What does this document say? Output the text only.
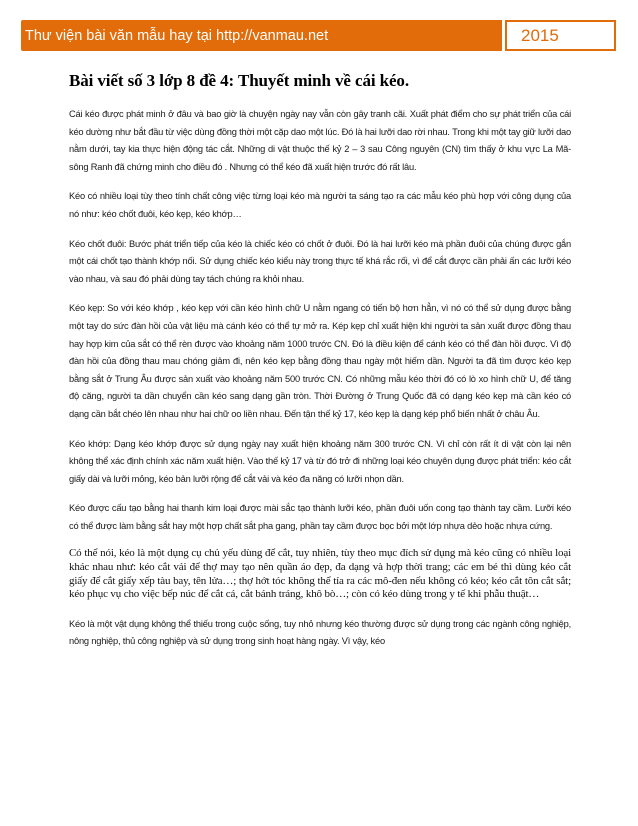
Thư viện bài văn mẫu hay tại http://vanmau.net	2015
Bài viết số 3 lớp 8 đề 4: Thuyết minh về cái kéo.

Cái kéo được phát minh ở đâu và bao giờ là chuyện ngày nay vẫn còn gây tranh cãi. Xuất phát điểm cho sự phát triển của cái kéo dường như bắt đầu từ việc dùng đồng thời một cặp dao một lúc. Đó là hai lưỡi dao rời nhau. Trong khi một tay giữ lưỡi dao nằm dưới, tay kia thực hiện động tác cắt. Những di vật thuộc thế kỷ 2 – 3 sau Công nguyên (CN) tìm thấy ở khu vực La Mã- sông Ranh đã chứng minh cho điều đó . Nhưng có thể kéo đã xuất hiện trước đó rất lâu.

Kéo có nhiều loại tùy theo tính chất công việc từng loại kéo mà người ta sáng tạo ra các mẫu kéo phù hợp với công dụng của nó như: kéo chốt đuôi, kéo kẹp, kéo khớp…

Kéo chốt đuôi: Bước phát triển tiếp của kéo là chiếc kéo có chốt ở đuôi. Đó là hai lưỡi kéo mà phần đuôi của chúng được gắn một cái chốt tạo thành khớp nối. Sử dụng chiếc kéo kiểu này trong thực tế khá rắc rối, vì để cắt được cần phải ấn các lưỡi kéo vào nhau, và sau đó phải dùng tay tách chúng ra khỏi nhau.

Kéo kẹp: So với kéo khớp , kéo kẹp với cần kéo hình chữ U nằm ngang có tiến bộ hơn hẳn, vì nó có thể sử dụng được bằng một tay do sức đàn hồi của vật liệu mà cánh kéo có thể tự mở ra. Kép kẹp chỉ xuất hiện khi người ta sản xuất được đồng thau hay hợp kim của sắt có thể rèn được vào khoảng năm 1000 trước CN. Đó là điều kiện để cánh kéo có thể đàn hồi được. Vì độ đàn hồi của đồng thau mau chóng giảm đi, nên kéo kẹp bằng đồng thau ngày một hiếm dần. Người ta đã tìm được kéo kẹp bằng sắt ở Trung Âu được sản xuất vào khoảng năm 500 trước CN. Có những mẫu kéo thời đó có lò xo hình chữ U, để tăng độ căng, người ta dần chuyển cần kéo sang dạng gần tròn. Thời Đường ở Trung Quốc đã có dạng kéo kẹp mà cần kéo có dạng cần bắt chéo lên nhau như hai chữ oo liền nhau. Đến tận thế kỷ 17, kéo kẹp là dạng kép phổ biến nhất ở châu Âu.

Kéo khớp: Dạng kéo khớp được sử dụng ngày nay xuất hiện khoảng năm 300 trước CN. Vì chỉ còn rất ít di vật còn lại nên không thể xác định chính xác năm xuất hiện. Vào thế kỷ 17 và từ đó trở đi những loại kéo chuyên dụng được phát triển: kéo cắt giấy dài và lưỡi mỏng, kéo bản lưỡi rộng để cắt vải và kéo đa năng có lưỡi nhọn dần.

Kéo được cấu tạo bằng hai thanh kim loại được mài sắc tạo thành lưỡi kéo, phần đuôi uốn cong tạo thành tay cầm. Lưỡi kéo có thể được làm bằng sắt hay một hợp chất sắt pha gang, phần tay cầm được bọc bởi một lớp nhựa dẻo hoặc nhựa cứng.

Có thể nói, kéo là một dụng cụ chủ yếu dùng để cắt, tuy nhiên, tùy theo mục đích sử dụng mà kéo cũng có nhiều loại khác nhau như: kéo cắt vải để thợ may tạo nên quần áo đẹp, đa dạng và hợp thời trang; các em bé thì dùng kéo cắt giấy để cắt giấy xếp tàu bay, tên lửa…; thợ hớt tóc không thể tỉa ra các mô-đen nếu không có kéo; kéo cắt tôn cắt sắt; kéo phục vụ cho việc bếp núc để cắt cá, cắt bánh tráng, khô bò…; còn có kéo dùng trong y tế khi phẫu thuật…

Kéo là một vật dụng không thể thiếu trong cuộc sống, tuy nhỏ nhưng kéo thường được sử dụng trong các ngành công nghiệp, nông nghiệp, thủ công nghiệp và sử dụng trong sinh hoạt hàng ngày. Vì vậy, kéo
